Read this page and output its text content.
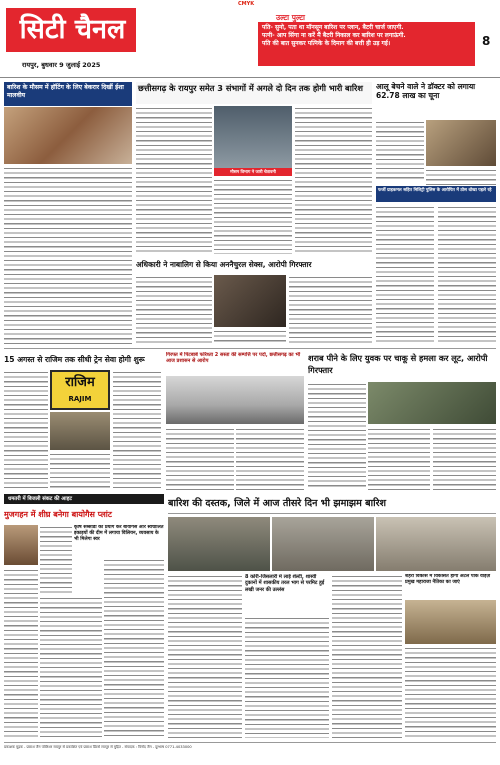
सिटी चैनल
रायपुर, बुधवार 9 जुलाई 2025
CMYK
8
उल्टा पुल्टा
पति- सुनो, पता था मॉनसून बारिश पर प्लान, बैटरी चार्ज जाएगी.
पत्नी- आप सिंगा ना करें मैं बैटरी निकाल कर बारिश पर लगाऊंगी.
पति की बात सुनकर पत्निके के दिमाग की बत्ती ही उड़ गई।
बारिश के मौसम में हॉटिंग के लिए बेकरार दिखीं ईशा मालवीय
छत्तीसगढ़ के रायपुर समेत 3 संभागों में अगले दो दिन तक होगी भारी बारिश
मौसम विभाग ने जारी चेतावनी
आलू बेचने वाले ने डॉक्टर को लगाया 62.78 लाख का चूना
फर्जी ग्राहकमल सहित मिलिट्री पुलिस के आरोपित में ठोस धोखा पहले रहे
अधिकारी ने नाबालिग से किया अननैचुरल सेक्स, आरोपी गिरफ्तार
15 अगस्त से राजिम तक सीधी ट्रेन सेवा होगी शुरू
राजिम
RAJIM
गिरफ्त में पिटबाबे फरिश्ता 2 सस्ता की सम्पत्ति पर पर्दा, छत्तीसगढ़ का भी आज प्रशासन से आरोप	शराब पीने के लिए युवक पर चाकू से हमला कर लूट, आरोपी गिरफ्तार
धमतरी में बिजली संकट की आहट
मुजगहन में शीघ्र बनेगा बायोगैस प्लांट
कृषि सब्सीडी का प्रयोग कर बीयोगैस और स्वचालित इकाइयों की दीम में लगाया विलियन, व्यवसाय के भी मिलेगा स्वर
बारिश की दस्तक, जिले में आज तीसरे दिन भी झमाझम बारिश
8 कोरी-जिसलारी मे लाई शेल्टी, शास्वी दुकानों में शासकीय तरल भाग से परमिट हुई लखी जनर की उल्लंस
शहरी विकास में विकसित होगा अटल पार्क वाइज़ प्रमुख महाराजा नैतिका का जाएं
प्रकाशक मुद्रक - प्रकाश जैन पब्लिशर रायपुर से प्रकाशित एवं प्रकाश प्रिंटर्स रायपुर से मुद्रित - संपादक : विनोद जैन - दूरभाष 0771-4033000
